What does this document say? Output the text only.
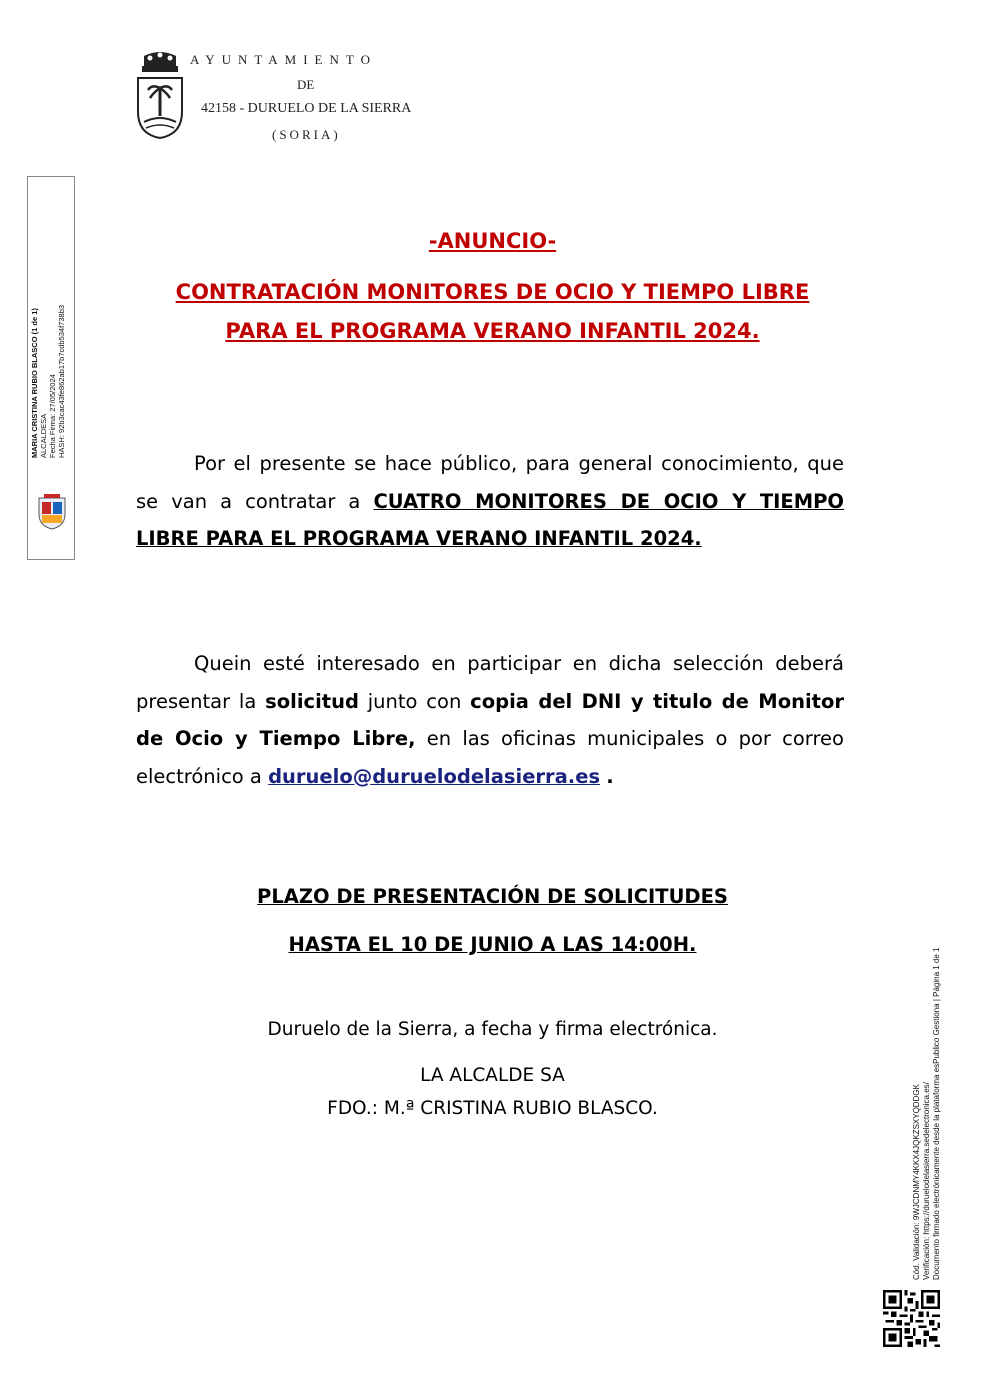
AYUNTAMIENTO
DE
42158 - DURUELO DE LA SIERRA
(SORIA)
MARIA CRISTINA RUBIO BLASCO (1 de 1) ALCALDESA Fecha Firma: 27/05/2024 HASH: 92b3cac43fe862ab17b7cdb534f738b3
Cód. Validación: 9WJCDNMY4KKX4JQKZSXYQDDGK Verificación: https://duruelodelasierra.sedelectronica.es/ Documento firmado electrónicamente desde la plataforma esPublico Gestiona | Página 1 de 1
-ANUNCIO-
CONTRATACIÓN MONITORES DE OCIO Y TIEMPO LIBRE
PARA EL PROGRAMA VERANO INFANTIL 2024.
Por el presente se hace público, para general conocimiento, que se van a contratar a CUATRO MONITORES DE OCIO Y TIEMPO LIBRE PARA EL PROGRAMA VERANO INFANTIL 2024.
Quein esté interesado en participar en dicha selección deberá presentar la solicitud junto con copia del DNI y titulo de Monitor de Ocio y Tiempo Libre, en las oficinas municipales o por correo electrónico a duruelo@duruelodelasierra.es .
PLAZO DE PRESENTACIÓN DE SOLICITUDES
HASTA EL 10 DE JUNIO A LAS 14:00H.
Duruelo de la Sierra, a fecha y firma electrónica.
LA ALCALDE SA
FDO.: M.ª CRISTINA RUBIO BLASCO.
